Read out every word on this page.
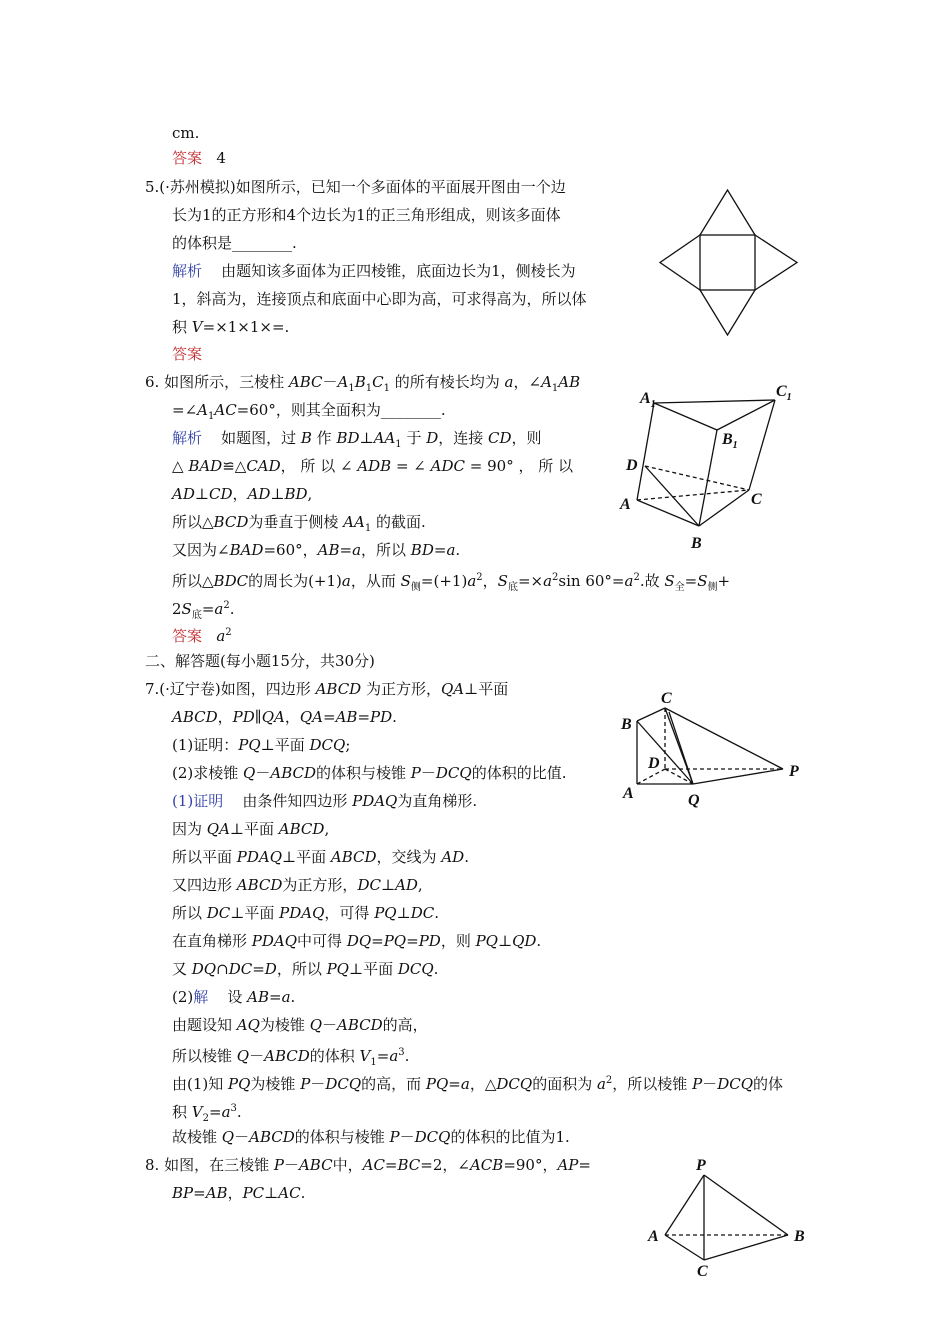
cm.
答案 4
5.(·苏州模拟)如图所示，已知一个多面体的平面展开图由一个边
长为1的正方形和4个边长为1的正三角形组成，则该多面体
的体积是________.
解析 由题知该多面体为正四棱锥，底面边长为1，侧棱长为
1，斜高为，连接顶点和底面中心即为高，可求得高为，所以体
积 V=×1×1×=.
答案
6. 如图所示，三棱柱 $ABC-A_1B_1C_1$ 的所有棱长均为 a，$\angle A_1AB$
$=\angle A_1AC=60^\circ$，则其全面积为________.
解析 如题图，过 B 作 $BD\perp AA_1$ 于 D，连接 CD，则
△ BAD≌△CAD， 所 以 ∠ ADB = ∠ ADC = 90° ， 所 以
AD⊥CD，AD⊥BD,
所以△BCD为垂直于侧棱 $AA_1$ 的截面.
又因为∠BAD=60°，AB=a，所以 BD=a.
所以△BDC的周长为(+1)a，从而 $S_侧=(+1)a^2$，$S_底=\times a^2\sin$ $60^\circ=a^2$.故 $S_全=S_侧+$
$2S_底=a^2$.
答案 $a^2$
二、解答题(每小题15分，共30分)
7.(·辽宁卷)如图，四边形 ABCD 为正方形，QA⊥平面
ABCD，PD∥QA，QA=AB=PD.
(1)证明：PQ⊥平面 DCQ;
(2)求棱锥 Q－ABCD的体积与棱锥 P－DCQ的体积的比值.
(1)证明 由条件知四边形 PDAQ为直角梯形.
因为 QA⊥平面 ABCD,
所以平面 PDAQ⊥平面 ABCD，交线为 AD.
又四边形 ABCD为正方形，DC⊥AD,
所以 DC⊥平面 PDAQ，可得 PQ⊥DC.
在直角梯形 PDAQ中可得 DQ=PQ=PD，则 PQ⊥QD.
又 DQ∩DC=D，所以 PQ⊥平面 DCQ.
(2)解 设 AB=a.
由题设知 AQ为棱锥 Q－ABCD的高，
所以棱锥 Q－ABCD的体积 $V_1=a^3$.
由(1)知 PQ为棱锥 P－DCQ的高，而 PQ=a，△DCQ的面积为 $a^2$，所以棱锥 P－DCQ的体
积 $V_2=a^3$.
故棱锥 Q－ABCD的体积与棱锥 P－DCQ的体积的比值为1.
8. 如图，在三棱锥 P－ABC中，AC=BC=2，∠ACB=90°，AP=
BP=AB，PC⊥AC.
$A_1$
$C_1$
$B_1$
D
A	C
B
C
B
D
A	Q
P
P
A	B
C
